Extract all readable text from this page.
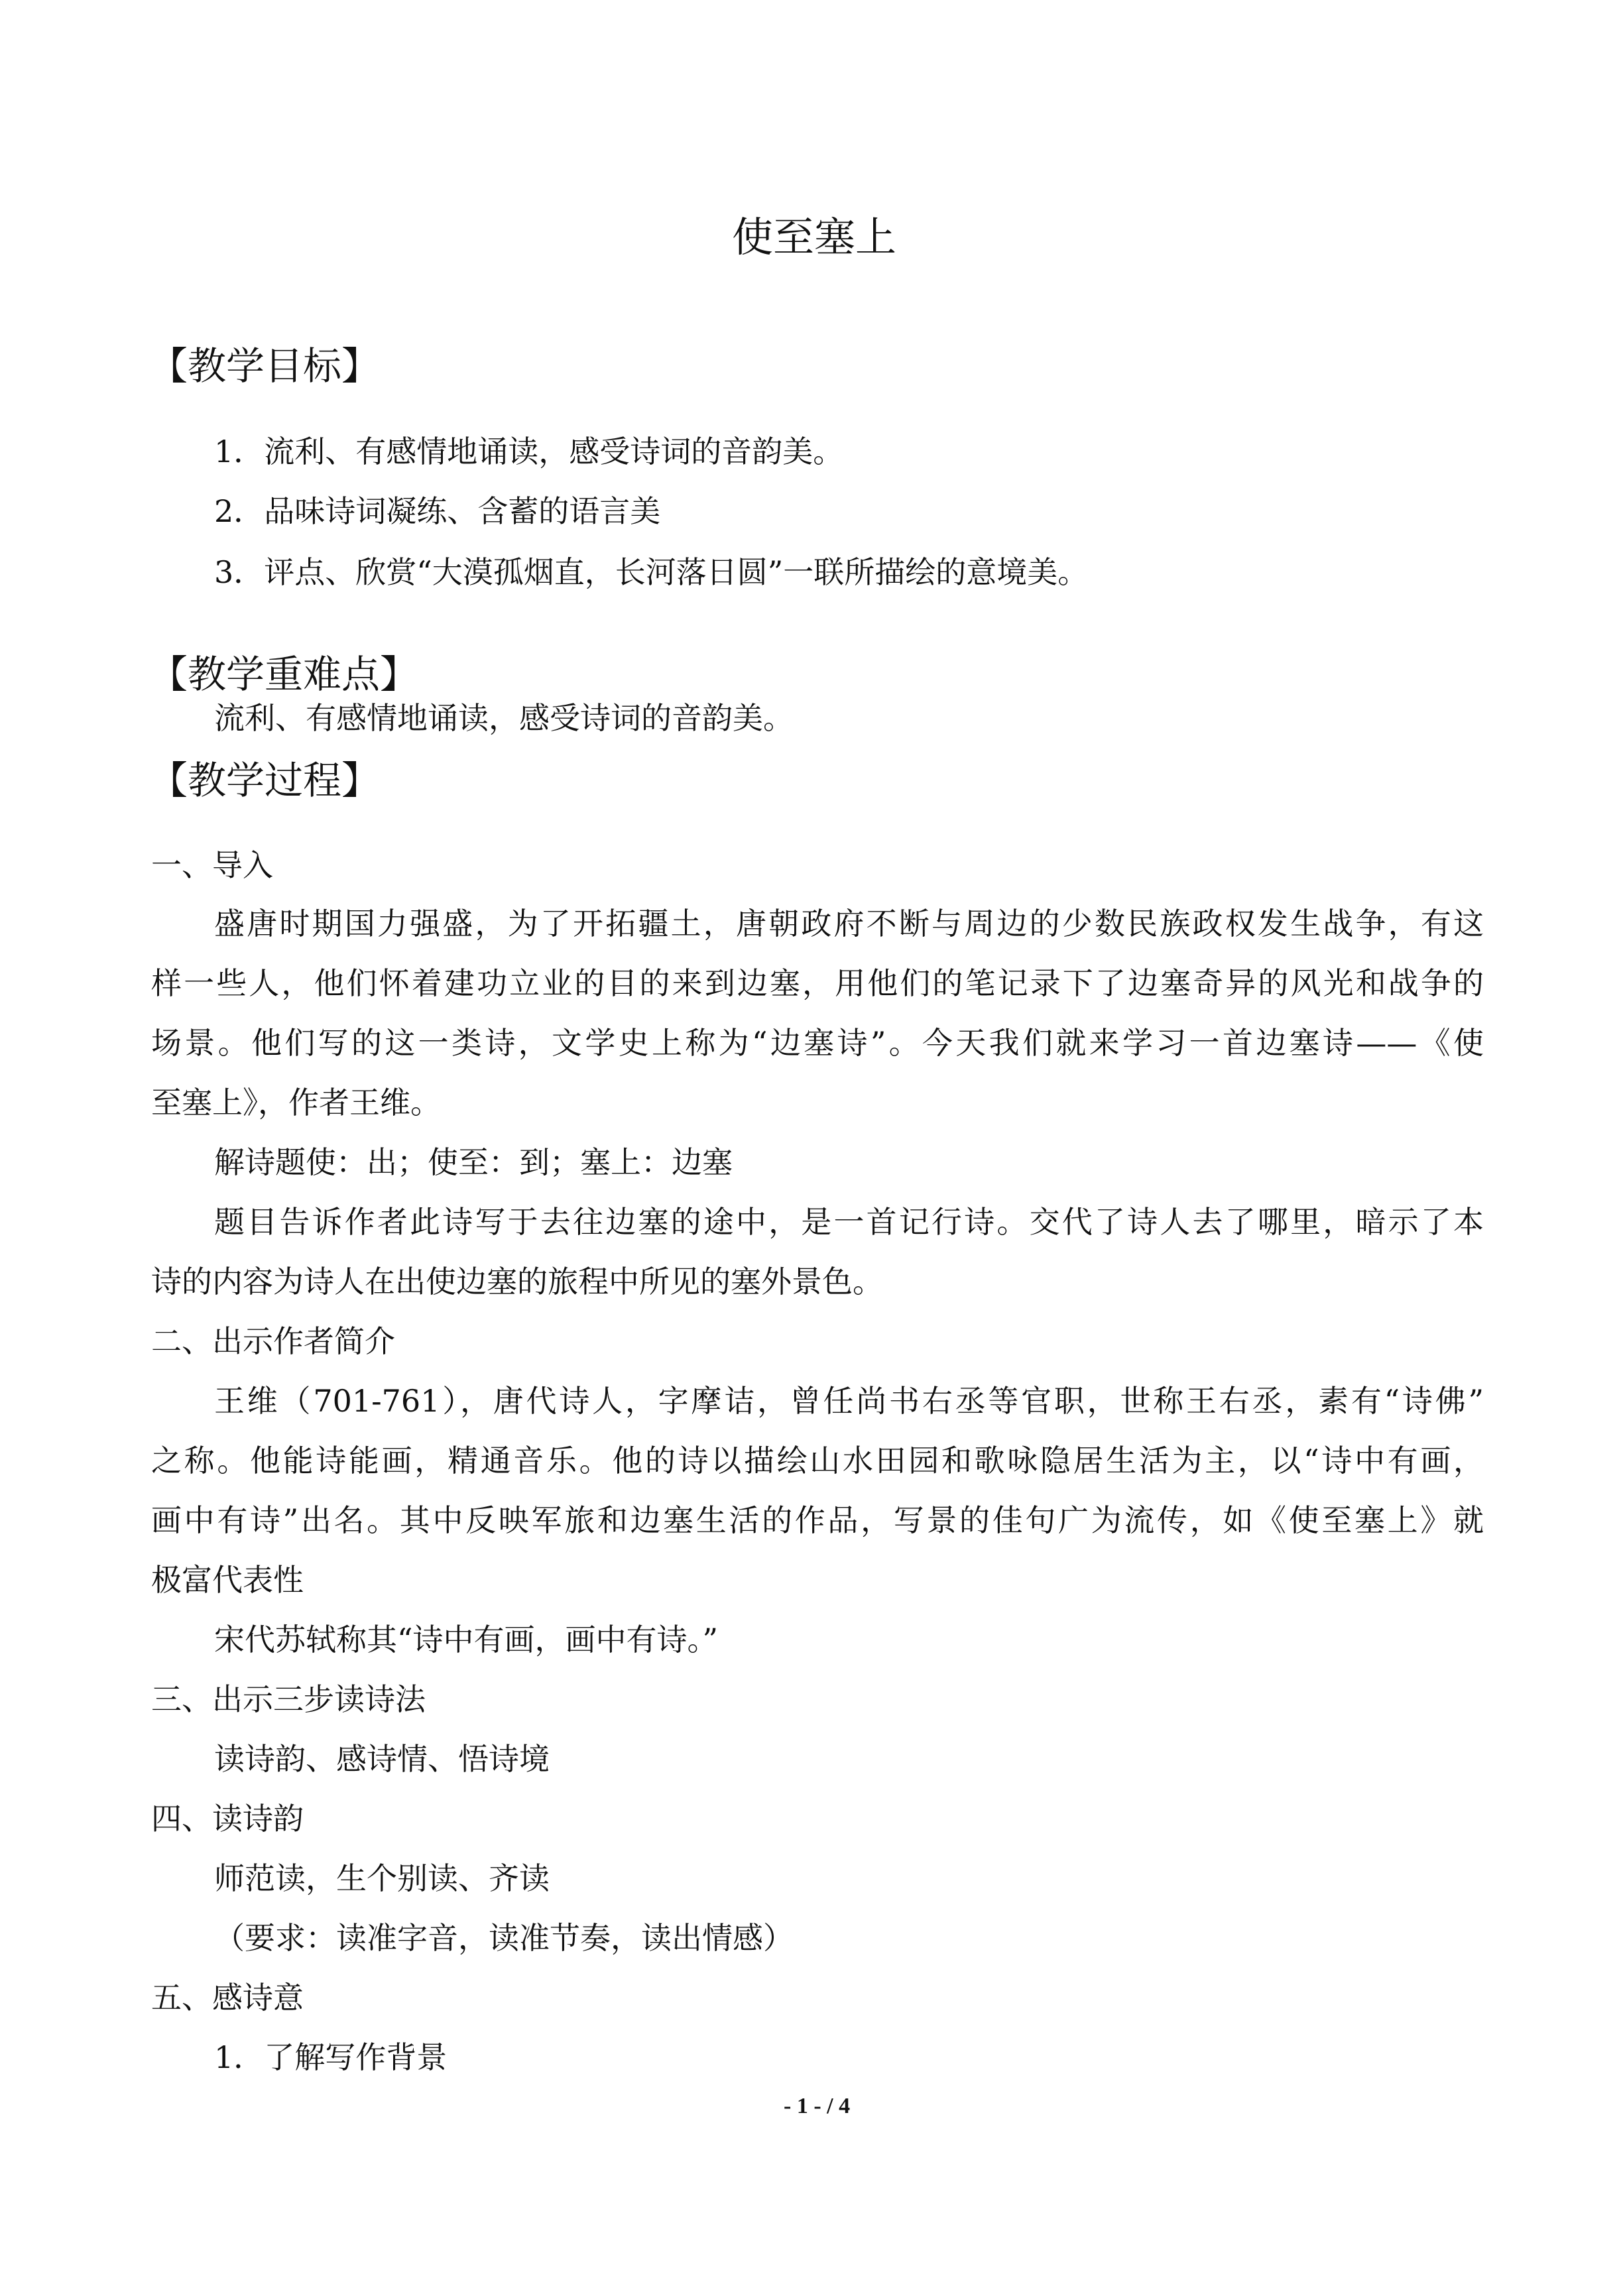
使至塞上
【教学目标】
1．流利、有感情地诵读，感受诗词的音韵美。
2．品味诗词凝练、含蓄的语言美
3．评点、欣赏“大漠孤烟直，长河落日圆”一联所描绘的意境美。
【教学重难点】
流利、有感情地诵读，感受诗词的音韵美。
【教学过程】
一、导入
盛唐时期国力强盛，为了开拓疆土，唐朝政府不断与周边的少数民族政权发生战争，有这
样一些人，他们怀着建功立业的目的来到边塞，用他们的笔记录下了边塞奇异的风光和战争的
场景。他们写的这一类诗，文学史上称为“边塞诗”。今天我们就来学习一首边塞诗——《使
至塞上》，作者王维。
解诗题使：出；使至：到；塞上：边塞
题目告诉作者此诗写于去往边塞的途中，是一首记行诗。交代了诗人去了哪里，暗示了本
诗的内容为诗人在出使边塞的旅程中所见的塞外景色。
二、出示作者简介
王维（701-761），唐代诗人，字摩诘，曾任尚书右丞等官职，世称王右丞，素有“诗佛”
之称。他能诗能画，精通音乐。他的诗以描绘山水田园和歌咏隐居生活为主，以“诗中有画，
画中有诗”出名。其中反映军旅和边塞生活的作品，写景的佳句广为流传，如《使至塞上》就
极富代表性
宋代苏轼称其“诗中有画，画中有诗。”
三、出示三步读诗法
读诗韵、感诗情、悟诗境
四、读诗韵
师范读，生个别读、齐读
（要求：读准字音，读准节奏，读出情感）
五、感诗意
1．了解写作背景
- 1 - / 4
